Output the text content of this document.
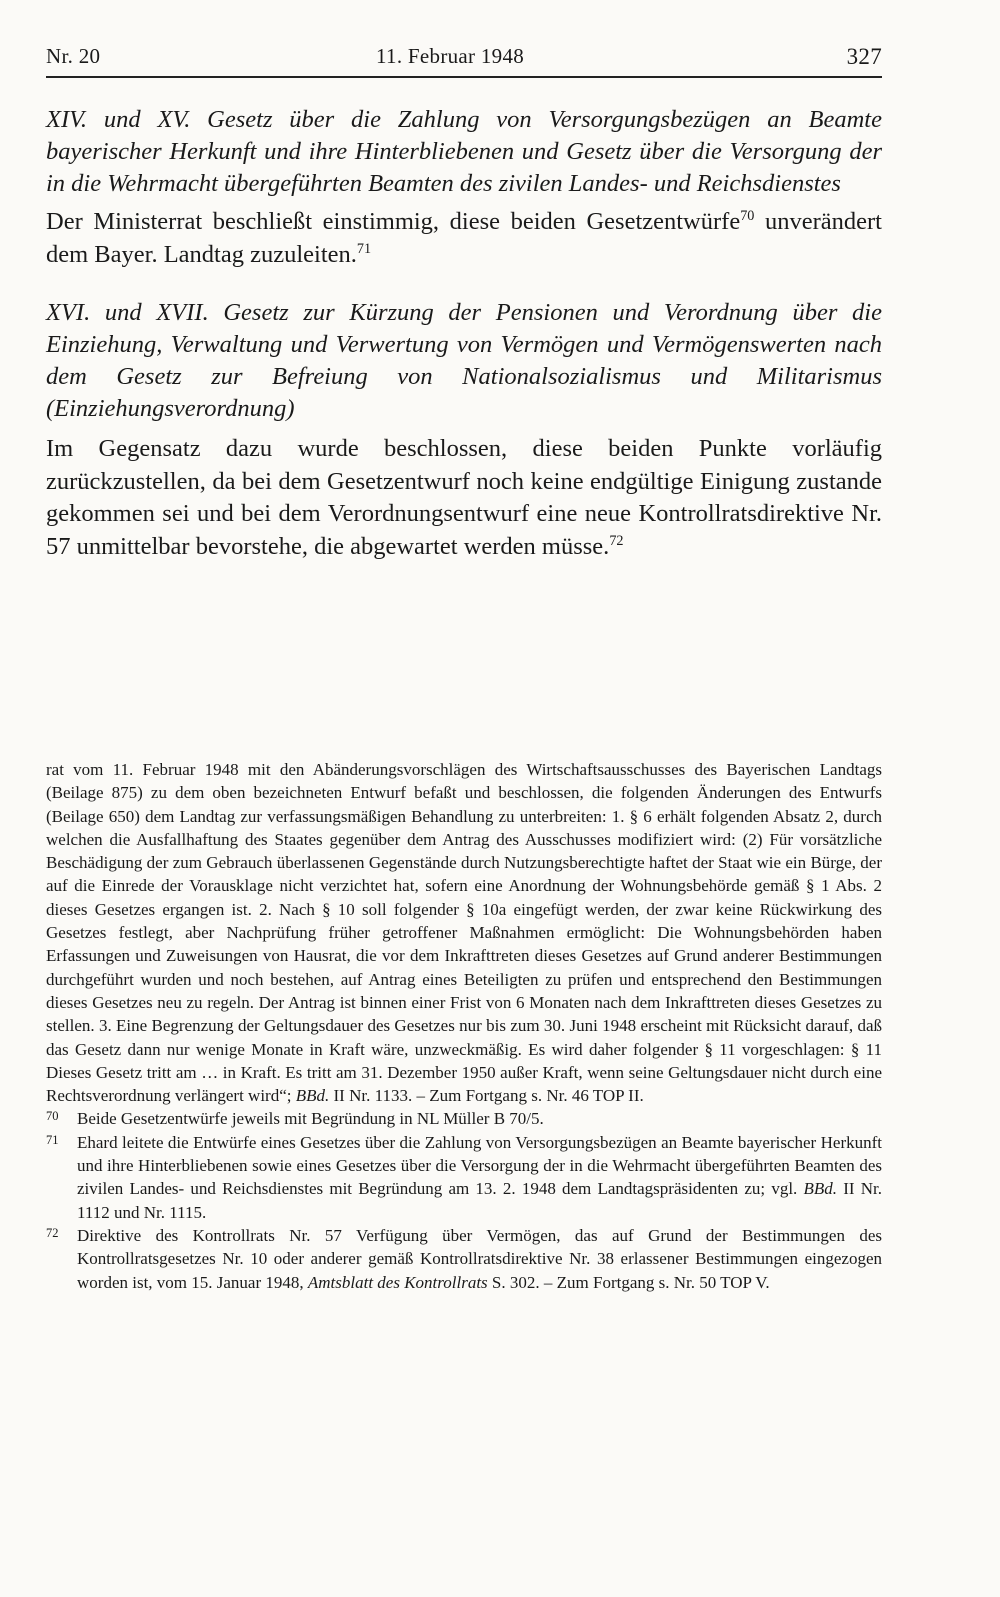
Nr. 20	11. Februar 1948	327

XIV. und XV. Gesetz über die Zahlung von Versorgungsbezügen an Beamte bayerischer Herkunft und ihre Hinterbliebenen und Gesetz über die Versorgung der in die Wehrmacht übergeführten Beamten des zivilen Landes- und Reichsdienstes

Der Ministerrat beschließt einstimmig, diese beiden Gesetzentwürfe$^{70}$ unverändert dem Bayer. Landtag zuzuleiten.$^{71}$

XVI. und XVII. Gesetz zur Kürzung der Pensionen und Verordnung über die Einziehung, Verwaltung und Verwertung von Vermögen und Vermögenswerten nach dem Gesetz zur Befreiung von Nationalsozialismus und Militarismus (Einziehungsverordnung)

Im Gegensatz dazu wurde beschlossen, diese beiden Punkte vorläufig zurückzustellen, da bei dem Gesetzentwurf noch keine endgültige Einigung zustande gekommen sei und bei dem Verordnungsentwurf eine neue Kontrollratsdirektive Nr. 57 unmittelbar bevorstehe, die abgewartet werden müsse.$^{72}$

rat vom 11. Februar 1948 mit den Abänderungsvorschlägen des Wirtschaftsausschusses des Bayerischen Landtags (Beilage 875) zu dem oben bezeichneten Entwurf befaßt und beschlossen, die folgenden Änderungen des Entwurfs (Beilage 650) dem Landtag zur verfassungsmäßigen Behandlung zu unterbreiten: 1. § 6 erhält folgenden Absatz 2, durch welchen die Ausfallhaftung des Staates gegenüber dem Antrag des Ausschusses modifiziert wird: (2) Für vorsätzliche Beschädigung der zum Gebrauch überlassenen Gegenstände durch Nutzungsberechtigte haftet der Staat wie ein Bürge, der auf die Einrede der Vorausklage nicht verzichtet hat, sofern eine Anordnung der Wohnungsbehörde gemäß § 1 Abs. 2 dieses Gesetzes ergangen ist. 2. Nach § 10 soll folgender § 10a eingefügt werden, der zwar keine Rückwirkung des Gesetzes festlegt, aber Nachprüfung früher getroffener Maßnahmen ermöglicht: Die Wohnungsbehörden haben Erfassungen und Zuweisungen von Hausrat, die vor dem Inkrafttreten dieses Gesetzes auf Grund anderer Bestimmungen durchgeführt wurden und noch bestehen, auf Antrag eines Beteiligten zu prüfen und entsprechend den Bestimmungen dieses Gesetzes neu zu regeln. Der Antrag ist binnen einer Frist von 6 Monaten nach dem Inkrafttreten dieses Gesetzes zu stellen. 3. Eine Begrenzung der Geltungsdauer des Gesetzes nur bis zum 30. Juni 1948 erscheint mit Rücksicht darauf, daß das Gesetz dann nur wenige Monate in Kraft wäre, unzweckmäßig. Es wird daher folgender § 11 vorgeschlagen: § 11 Dieses Gesetz tritt am … in Kraft. Es tritt am 31. Dezember 1950 außer Kraft, wenn seine Geltungsdauer nicht durch eine Rechtsverordnung verlängert wird“; BBd. II Nr. 1133. – Zum Fortgang s. Nr. 46 TOP II.

70 Beide Gesetzentwürfe jeweils mit Begründung in NL Müller B 70/5.

71 Ehard leitete die Entwürfe eines Gesetzes über die Zahlung von Versorgungsbezügen an Beamte bayerischer Herkunft und ihre Hinterbliebenen sowie eines Gesetzes über die Versorgung der in die Wehrmacht übergeführten Beamten des zivilen Landes- und Reichsdienstes mit Begründung am 13. 2. 1948 dem Landtagspräsidenten zu; vgl. BBd. II Nr. 1112 und Nr. 1115.

72 Direktive des Kontrollrats Nr. 57 Verfügung über Vermögen, das auf Grund der Bestimmungen des Kontrollratsgesetzes Nr. 10 oder anderer gemäß Kontrollratsdirektive Nr. 38 erlassener Bestimmungen eingezogen worden ist, vom 15. Januar 1948, Amtsblatt des Kontrollrats S. 302. – Zum Fortgang s. Nr. 50 TOP V.
